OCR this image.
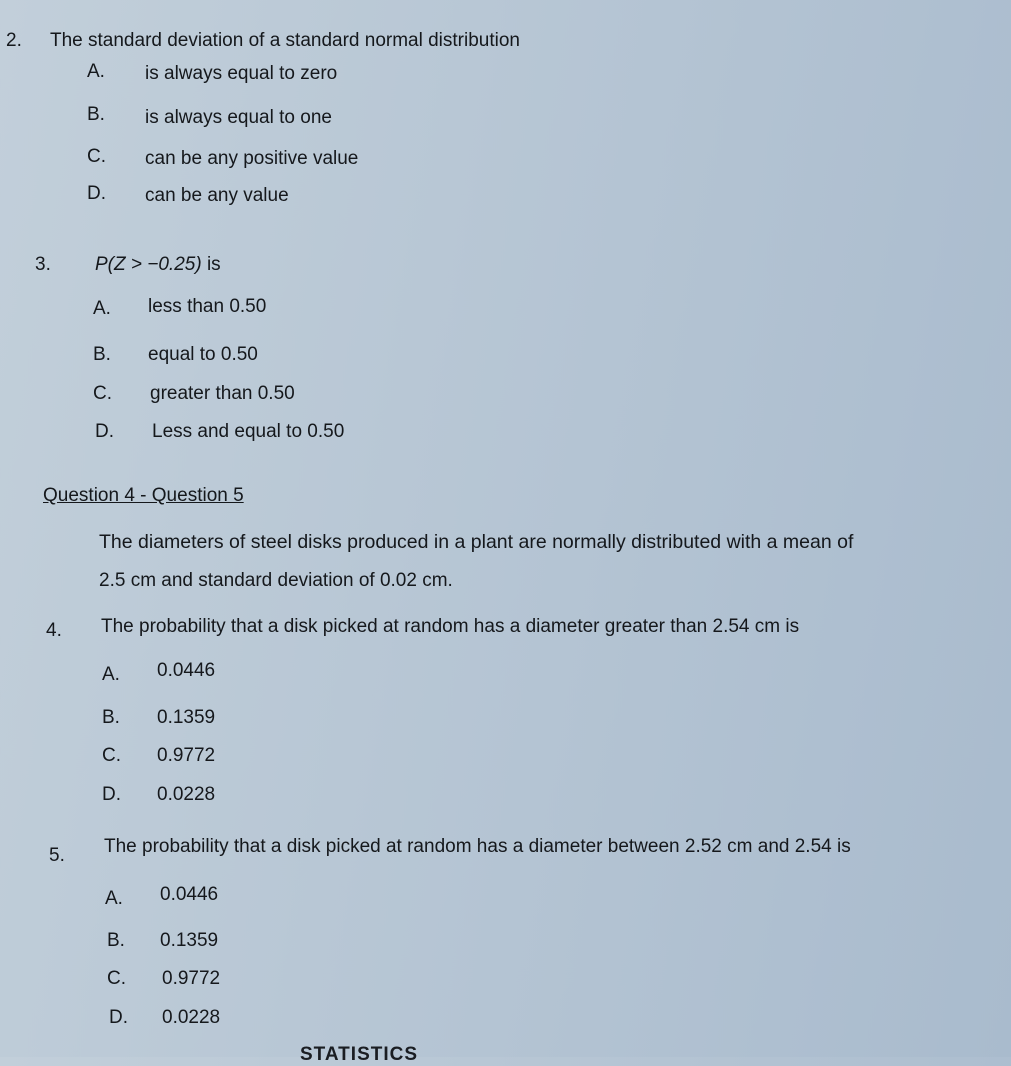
2. The standard deviation of a standard normal distribution
A. is always equal to zero
B. is always equal to one
C. can be any positive value
D. can be any value
3. P(Z > −0.25) is
A. less than 0.50
B. equal to 0.50
C. greater than 0.50
D. Less and equal to 0.50
Question 4 - Question 5
The diameters of steel disks produced in a plant are normally distributed with a mean of
2.5 cm and standard deviation of 0.02 cm.
4. The probability that a disk picked at random has a diameter greater than 2.54 cm is
A. 0.0446
B. 0.1359
C. 0.9772
D. 0.0228
5. The probability that a disk picked at random has a diameter between 2.52 cm and 2.54 is
A. 0.0446
B. 0.1359
C. 0.9772
D. 0.0228
STATISTICS
